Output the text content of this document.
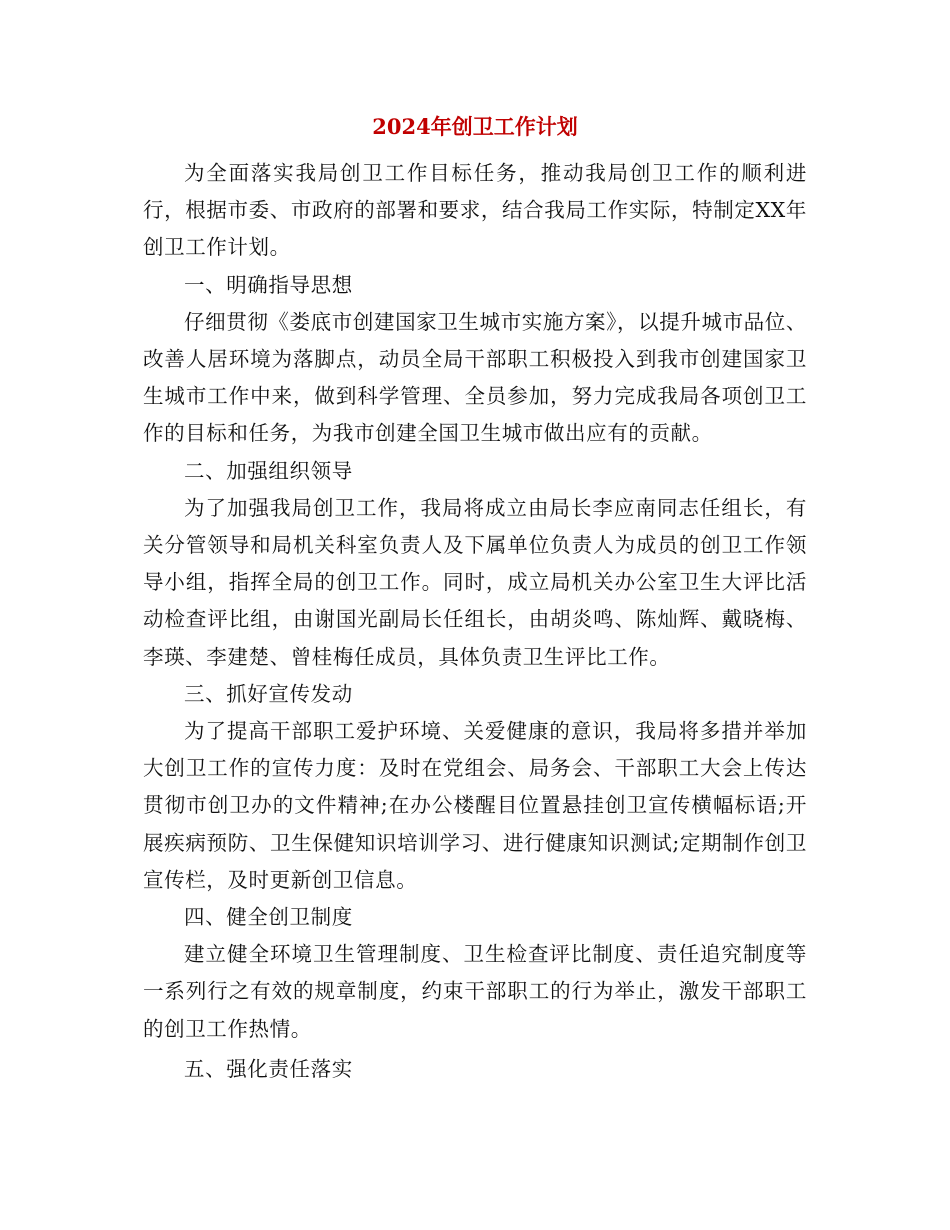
2024年创卫工作计划

为全面落实我局创卫工作目标任务，推动我局创卫工作的顺利进行，根据市委、市政府的部署和要求，结合我局工作实际，特制定XX年创卫工作计划。

一、明确指导思想

仔细贯彻《娄底市创建国家卫生城市实施方案》，以提升城市品位、改善人居环境为落脚点，动员全局干部职工积极投入到我市创建国家卫生城市工作中来，做到科学管理、全员参加，努力完成我局各项创卫工作的目标和任务，为我市创建全国卫生城市做出应有的贡献。

二、加强组织领导

为了加强我局创卫工作，我局将成立由局长李应南同志任组长，有关分管领导和局机关科室负责人及下属单位负责人为成员的创卫工作领导小组，指挥全局的创卫工作。同时，成立局机关办公室卫生大评比活动检查评比组，由谢国光副局长任组长，由胡炎鸣、陈灿辉、戴晓梅、李瑛、李建楚、曾桂梅任成员，具体负责卫生评比工作。

三、抓好宣传发动

为了提高干部职工爱护环境、关爱健康的意识，我局将多措并举加大创卫工作的宣传力度：及时在党组会、局务会、干部职工大会上传达贯彻市创卫办的文件精神;在办公楼醒目位置悬挂创卫宣传横幅标语;开展疾病预防、卫生保健知识培训学习、进行健康知识测试;定期制作创卫宣传栏，及时更新创卫信息。

四、健全创卫制度

建立健全环境卫生管理制度、卫生检查评比制度、责任追究制度等一系列行之有效的规章制度，约束干部职工的行为举止，激发干部职工的创卫工作热情。

五、强化责任落实
